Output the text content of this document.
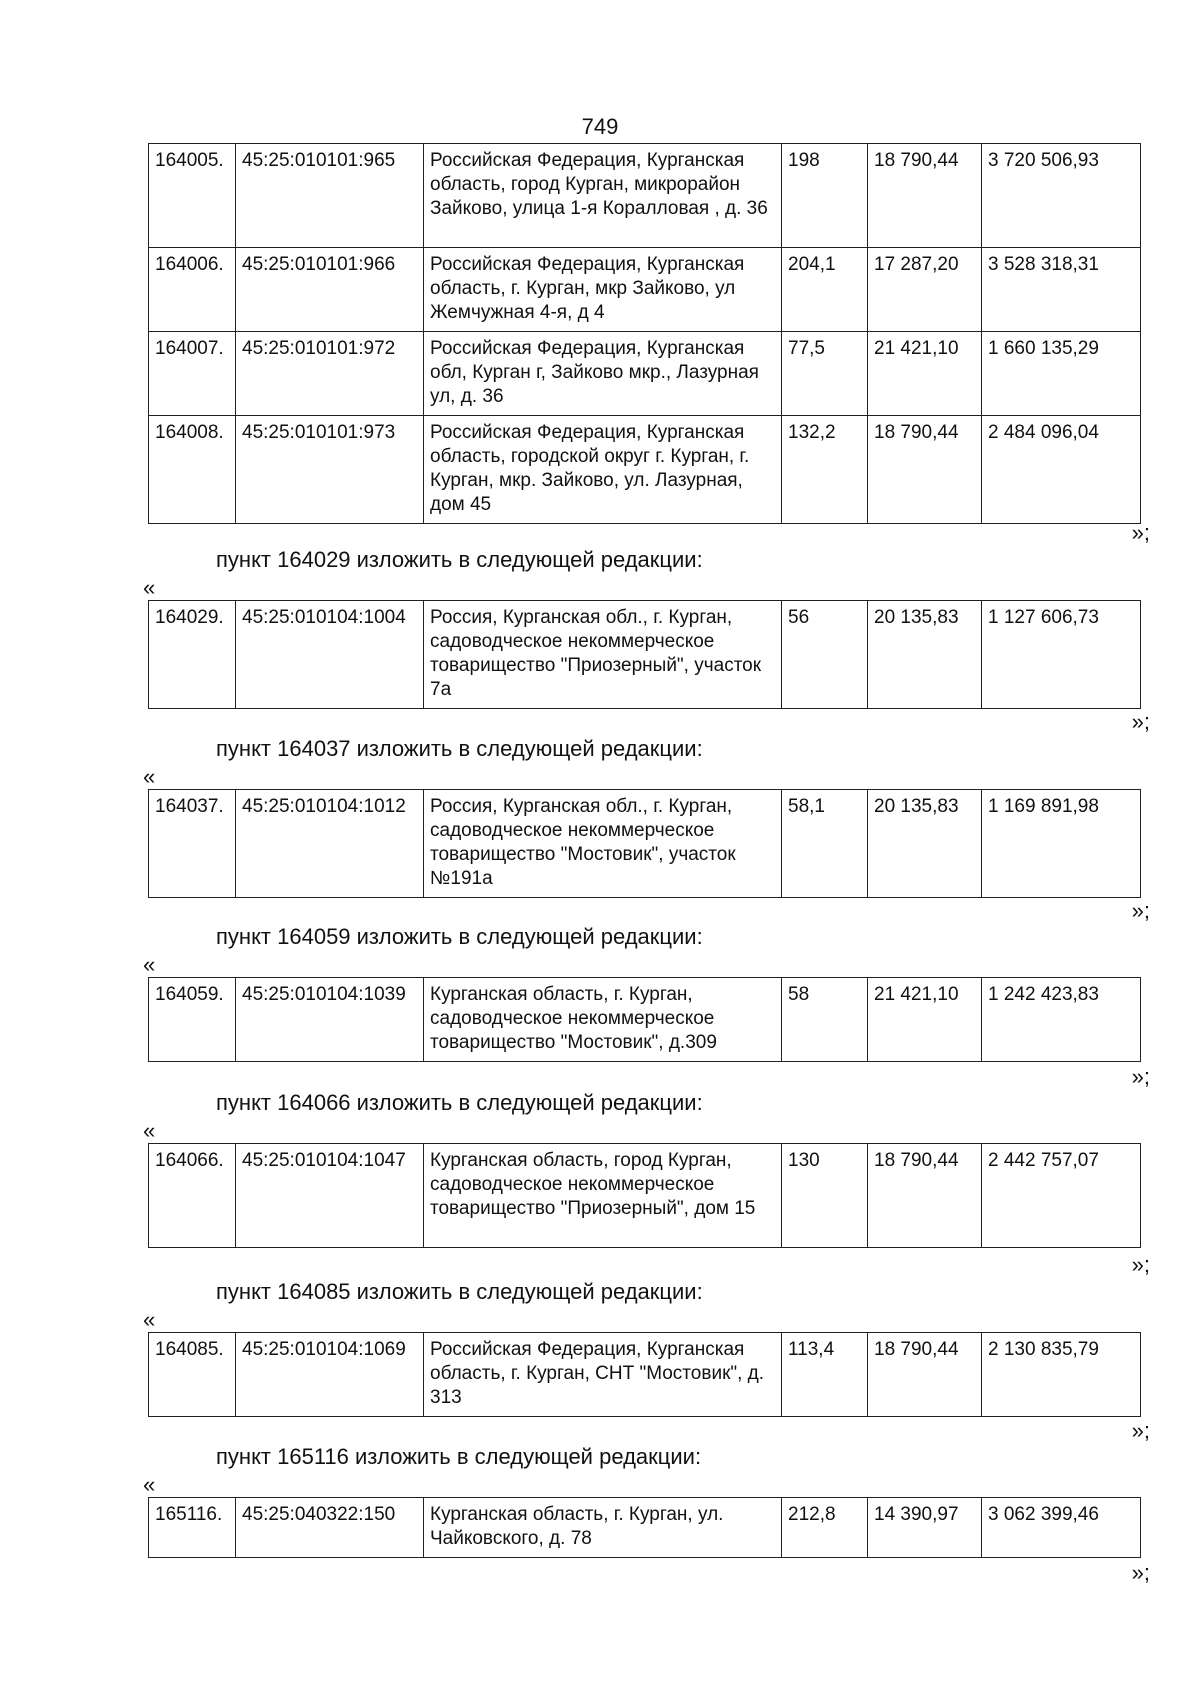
749
164005.	45:25:010101:965	Российская Федерация, Курганская область, город Курган, микрорайон Зайково, улица 1-я Коралловая , д. 36	198	18 790,44	3 720 506,93
164006.	45:25:010101:966	Российская Федерация, Курганская область, г. Курган, мкр Зайково, ул Жемчужная 4-я, д 4	204,1	17 287,20	3 528 318,31
164007.	45:25:010101:972	Российская Федерация, Курганская обл, Курган г, Зайково мкр., Лазурная ул, д. 36	77,5	21 421,10	1 660 135,29
164008.	45:25:010101:973	Российская Федерация, Курганская область, городской округ г. Курган, г. Курган, мкр. Зайково, ул. Лазурная, дом 45	132,2	18 790,44	2 484 096,04
»;
пункт 164029 изложить в следующей редакции:
«
164029.	45:25:010104:1004	Россия, Курганская обл., г. Курган, садоводческое некоммерческое товарищество "Приозерный", участок 7а	56	20 135,83	1 127 606,73
»;
пункт 164037 изложить в следующей редакции:
«
164037.	45:25:010104:1012	Россия, Курганская обл., г. Курган, садоводческое некоммерческое товарищество "Мостовик", участок №191а	58,1	20 135,83	1 169 891,98
»;
пункт 164059 изложить в следующей редакции:
«
164059.	45:25:010104:1039	Курганская область, г. Курган, садоводческое некоммерческое товарищество "Мостовик", д.309	58	21 421,10	1 242 423,83
»;
пункт 164066 изложить в следующей редакции:
«
164066.	45:25:010104:1047	Курганская область, город Курган, садоводческое некоммерческое товарищество "Приозерный", дом 15	130	18 790,44	2 442 757,07
»;
пункт 164085 изложить в следующей редакции:
«
164085.	45:25:010104:1069	Российская Федерация, Курганская область, г. Курган, СНТ "Мостовик", д. 313	113,4	18 790,44	2 130 835,79
»;
пункт 165116 изложить в следующей редакции:
«
165116.	45:25:040322:150	Курганская область, г. Курган, ул. Чайковского, д. 78	212,8	14 390,97	3 062 399,46
»;
